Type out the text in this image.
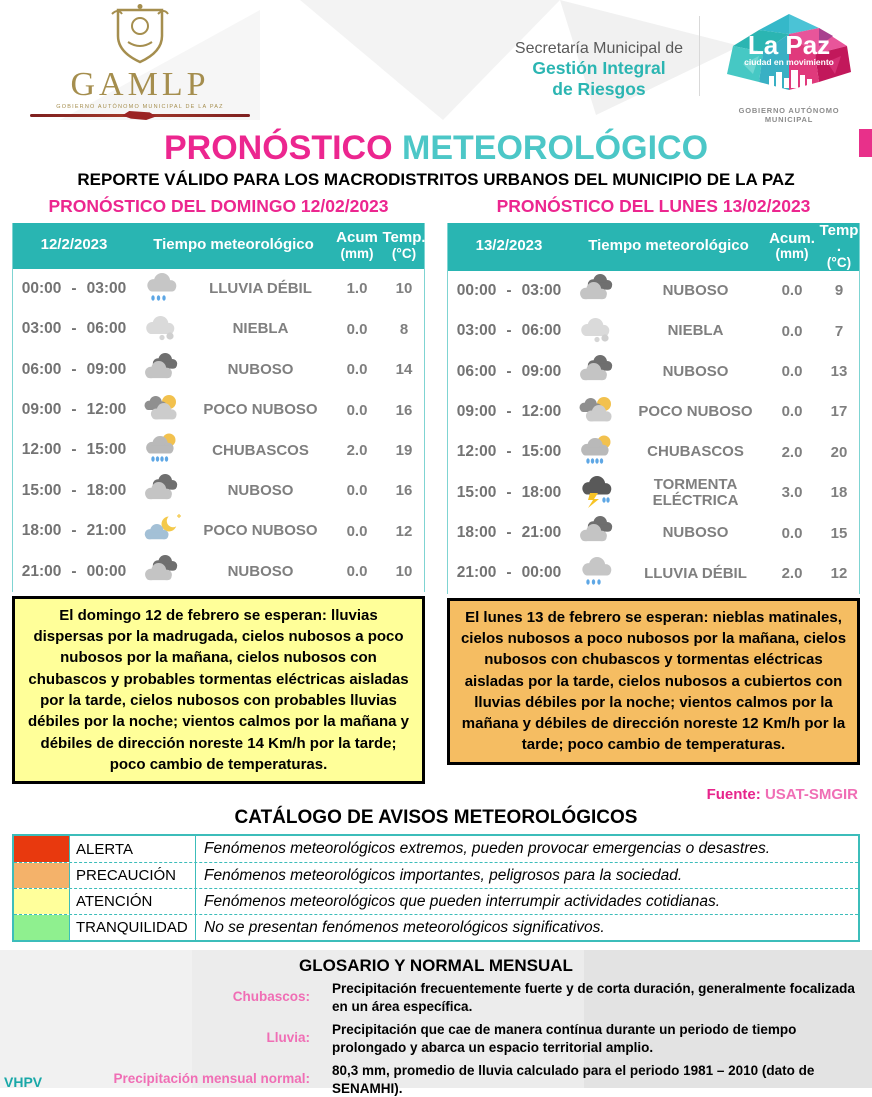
GAMLP
GOBIERNO AUTÓNOMO MUNICIPAL DE LA PAZ
Secretaría Municipal de
Gestión Integral
de Riesgos
La Paz
ciudad en movimiento
GOBIERNO AUTÓNOMO MUNICIPAL
PRONÓSTICO METEOROLÓGICO
REPORTE VÁLIDO PARA LOS MACRODISTRITOS URBANOS DEL MUNICIPIO DE LA PAZ
PRONÓSTICO DEL DOMINGO 12/02/2023
12/2/2023	Tiempo meteorológico	Acum
(mm)
Temp.
(°C)
00:00 - 03:00	LLUVIA DÉBIL	1.0	10
03:00 - 06:00	NIEBLA	0.0	8
06:00 - 09:00	NUBOSO	0.0	14
09:00 - 12:00	POCO NUBOSO	0.0	16
12:00 - 15:00	CHUBASCOS	2.0	19
15:00 - 18:00	NUBOSO	0.0	16
18:00 - 21:00	POCO NUBOSO	0.0	12
21:00 - 00:00	NUBOSO	0.0	10
El domingo 12 de febrero se esperan: lluvias dispersas por la madrugada, cielos nubosos a poco nubosos por la mañana, cielos nubosos con chubascos y probables tormentas eléctricas aisladas por la tarde, cielos nubosos con probables lluvias débiles por la noche; vientos calmos por la mañana y débiles de dirección noreste 14 Km/h por la tarde; poco cambio de temperaturas.
PRONÓSTICO DEL LUNES 13/02/2023
13/2/2023	Tiempo meteorológico	Acum.
(mm)
Temp .
(°C)
00:00 - 03:00	NUBOSO	0.0	9
03:00 - 06:00	NIEBLA	0.0	7
06:00 - 09:00	NUBOSO	0.0	13
09:00 - 12:00	POCO NUBOSO	0.0	17
12:00 - 15:00	CHUBASCOS	2.0	20
15:00 - 18:00	TORMENTA ELÉCTRICA	3.0	18
18:00 - 21:00	NUBOSO	0.0	15
21:00 - 00:00	LLUVIA DÉBIL	2.0	12
El lunes 13 de febrero se esperan: nieblas matinales, cielos nubosos a poco nubosos por la mañana, cielos nubosos con chubascos y tormentas eléctricas aisladas por la tarde, cielos nubosos a cubiertos con lluvias débiles por la noche; vientos calmos por la mañana y débiles de dirección noreste 12 Km/h por la tarde; poco cambio de temperaturas.
Fuente: USAT-SMGIR
CATÁLOGO DE AVISOS METEOROLÓGICOS
ALERTA	Fenómenos meteorológicos extremos, pueden provocar emergencias o desastres.
PRECAUCIÓN	Fenómenos meteorológicos importantes, peligrosos para la sociedad.
ATENCIÓN	Fenómenos meteorológicos que pueden interrumpir actividades cotidianas.
TRANQUILIDAD	No se presentan fenómenos meteorológicos significativos.
GLOSARIO Y NORMAL MENSUAL
Chubascos:
Precipitación frecuentemente fuerte y de corta duración, generalmente focalizada en un área específica.
Lluvia:
Precipitación que cae de manera contínua durante un periodo de tiempo prolongado y abarca un espacio territorial amplio.
Precipitación mensual normal:
80,3 mm, promedio de lluvia calculado para el periodo 1981 – 2010 (dato de SENAMHI).
VHPV
